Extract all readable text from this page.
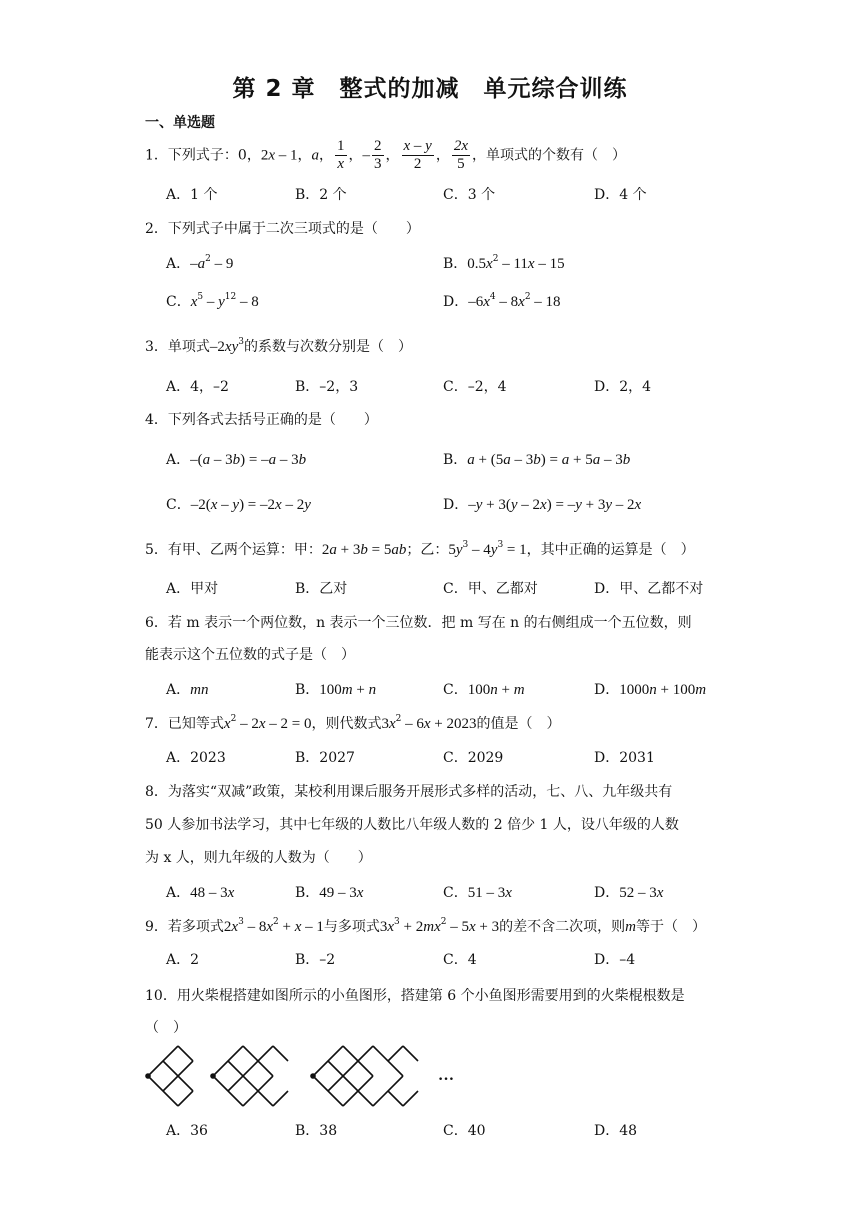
第 2 章　整式的加减　单元综合训练
一、单选题
1．下列式子：0，2x – 1，a， $\frac{1}{x}$ ，– $\frac{2}{3}$ ， $\frac{x - y}{2}$ ， $\frac{2x}{5}$ ，单项式的个数有（　）
A．1 个	B．2 个	C．3 个	D．4 个
2．下列式子中属于二次三项式的是（　　）
A．$-a^2 - 9$	B．$0.5x^2 - 11x - 15$
C．$x^5 - y^{12} - 8$	D．$-6x^4 - 8x^2 - 18$
3．单项式$-2xy^3$的系数与次数分别是（　）
A．4，–2	B．–2，3	C．–2，4	D．2，4
4．下列各式去括号正确的是（　　）
A．–(a – 3b) = –a – 3b	B．a + (5a – 3b) = a + 5a – 3b
C．–2(x – y) = –2x – 2y	D．–y + 3(y – 2x) = –y + 3y – 2x
5．有甲、乙两个运算：甲：2a + 3b = 5ab；乙：$5y^3 - 4y^3 = 1$，其中正确的运算是（　）
A．甲对	B．乙对	C．甲、乙都对	D．甲、乙都不对
6．若 m 表示一个两位数，n 表示一个三位数．把 m 写在 n 的右侧组成一个五位数，则
能表示这个五位数的式子是（　）
A．mn	B．100m + n	C．100n + m	D．1000n + 100m
7．已知等式$x^2 - 2x - 2 = 0$，则代数式$3x^2 - 6x + 2023$的值是（　）
A．2023	B．2027	C．2029	D．2031
8．为落实“双减”政策，某校利用课后服务开展形式多样的活动，七、八、九年级共有
50 人参加书法学习，其中七年级的人数比八年级人数的 2 倍少 1 人，设八年级的人数
为 x 人，则九年级的人数为（　　）
A．48 – 3x	B．49 – 3x	C．51 – 3x	D．52 – 3x
9．若多项式$2x^3 - 8x^2 + x - 1$与多项式$3x^3 + 2mx^2 - 5x + 3$的差不含二次项，则m等于（　）
A．2	B．–2	C．4	D．–4
10．用火柴棍搭建如图所示的小鱼图形，搭建第 6 个小鱼图形需要用到的火柴棍根数是
（　）
…
A．36	B．38	C．40	D．48
